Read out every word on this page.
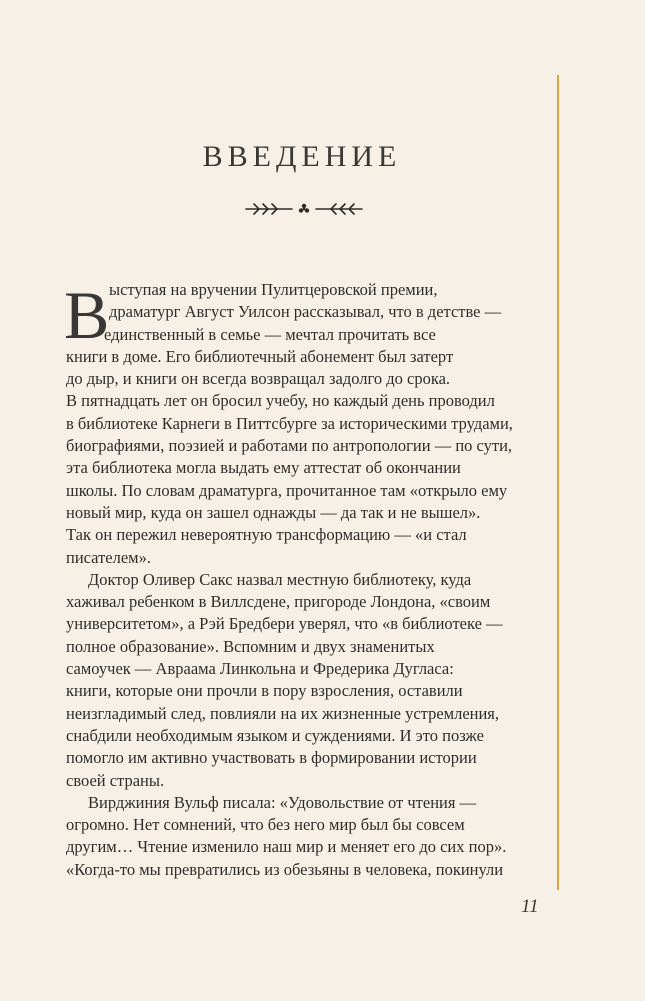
ВВЕДЕНИЕ
В ыступая на вручении Пулитцеровской премии,
драматург Август Уилсон рассказывал, что в детстве —
единственный в семье — мечтал прочитать все
книги в доме. Его библиотечный абонемент был затерт
до дыр, и книги он всегда возвращал задолго до срока.
В пятнадцать лет он бросил учебу, но каждый день проводил
в библиотеке Карнеги в Питтсбурге за историческими трудами,
биографиями, поэзией и работами по антропологии — по сути,
эта библиотека могла выдать ему аттестат об окончании
школы. По словам драматурга, прочитанное там «открыло ему
новый мир, куда он зашел однажды — да так и не вышел».
Так он пережил невероятную трансформацию — «и стал
писателем».
Доктор Оливер Сакс назвал местную библиотеку, куда
хаживал ребенком в Виллсдене, пригороде Лондона, «своим
университетом», а Рэй Бредбери уверял, что «в библиотеке —
полное образование». Вспомним и двух знаменитых
самоучек — Авраама Линкольна и Фредерика Дугласа:
книги, которые они прочли в пору взросления, оставили
неизгладимый след, повлияли на их жизненные устремления,
снабдили необходимым языком и суждениями. И это позже
помогло им активно участвовать в формировании истории
своей страны.
Вирджиния Вульф писала: «Удовольствие от чтения —
огромно. Нет сомнений, что без него мир был бы совсем
другим… Чтение изменило наш мир и меняет его до сих пор».
«Когда-то мы превратились из обезьяны в человека, покинули
11
